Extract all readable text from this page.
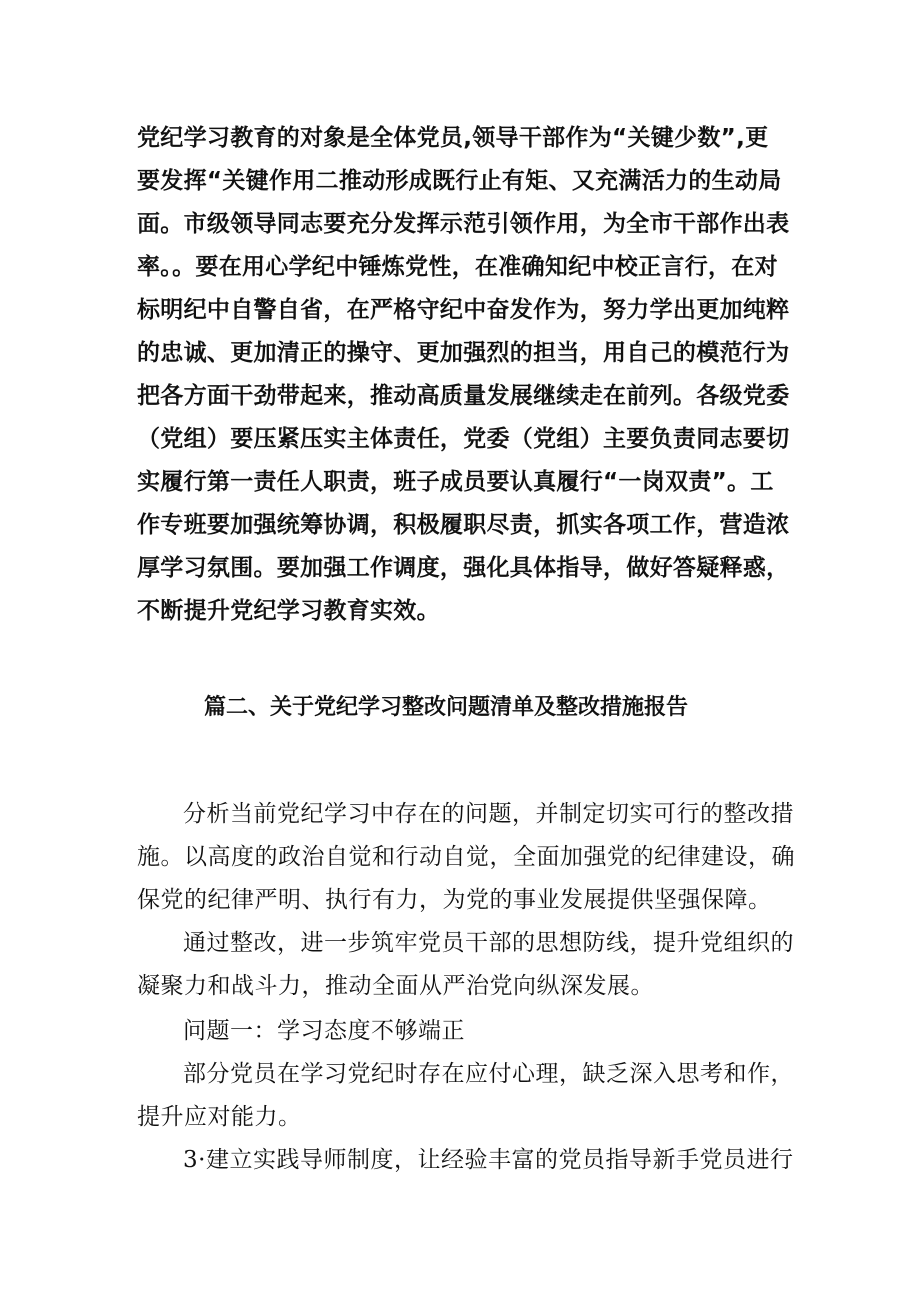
党纪学习教育的对象是全体党员,领导干部作为“关键少数”,更
要发挥“关键作用二推动形成既行止有矩、又充满活力的生动局
面。市级领导同志要充分发挥示范引领作用，为全市干部作出表
率。。要在用心学纪中锤炼党性，在准确知纪中校正言行，在对
标明纪中自警自省，在严格守纪中奋发作为，努力学出更加纯粹
的忠诚、更加清正的操守、更加强烈的担当，用自己的模范行为
把各方面干劲带起来，推动高质量发展继续走在前列。各级党委
（党组）要压紧压实主体责任，党委（党组）主要负责同志要切
实履行第一责任人职责，班子成员要认真履行“一岗双责”。工
作专班要加强统筹协调，积极履职尽责，抓实各项工作，营造浓
厚学习氛围。要加强工作调度，强化具体指导，做好答疑释惑，
不断提升党纪学习教育实效。
篇二、关于党纪学习整改问题清单及整改措施报告
分析当前党纪学习中存在的问题，并制定切实可行的整改措
施。以高度的政治自觉和行动自觉，全面加强党的纪律建设，确
保党的纪律严明、执行有力，为党的事业发展提供坚强保障。
通过整改，进一步筑牢党员干部的思想防线，提升党组织的
凝聚力和战斗力，推动全面从严治党向纵深发展。
问题一：学习态度不够端正
部分党员在学习党纪时存在应付心理，缺乏深入思考和作，
提升应对能力。
3·建立实践导师制度，让经验丰富的党员指导新手党员进行
